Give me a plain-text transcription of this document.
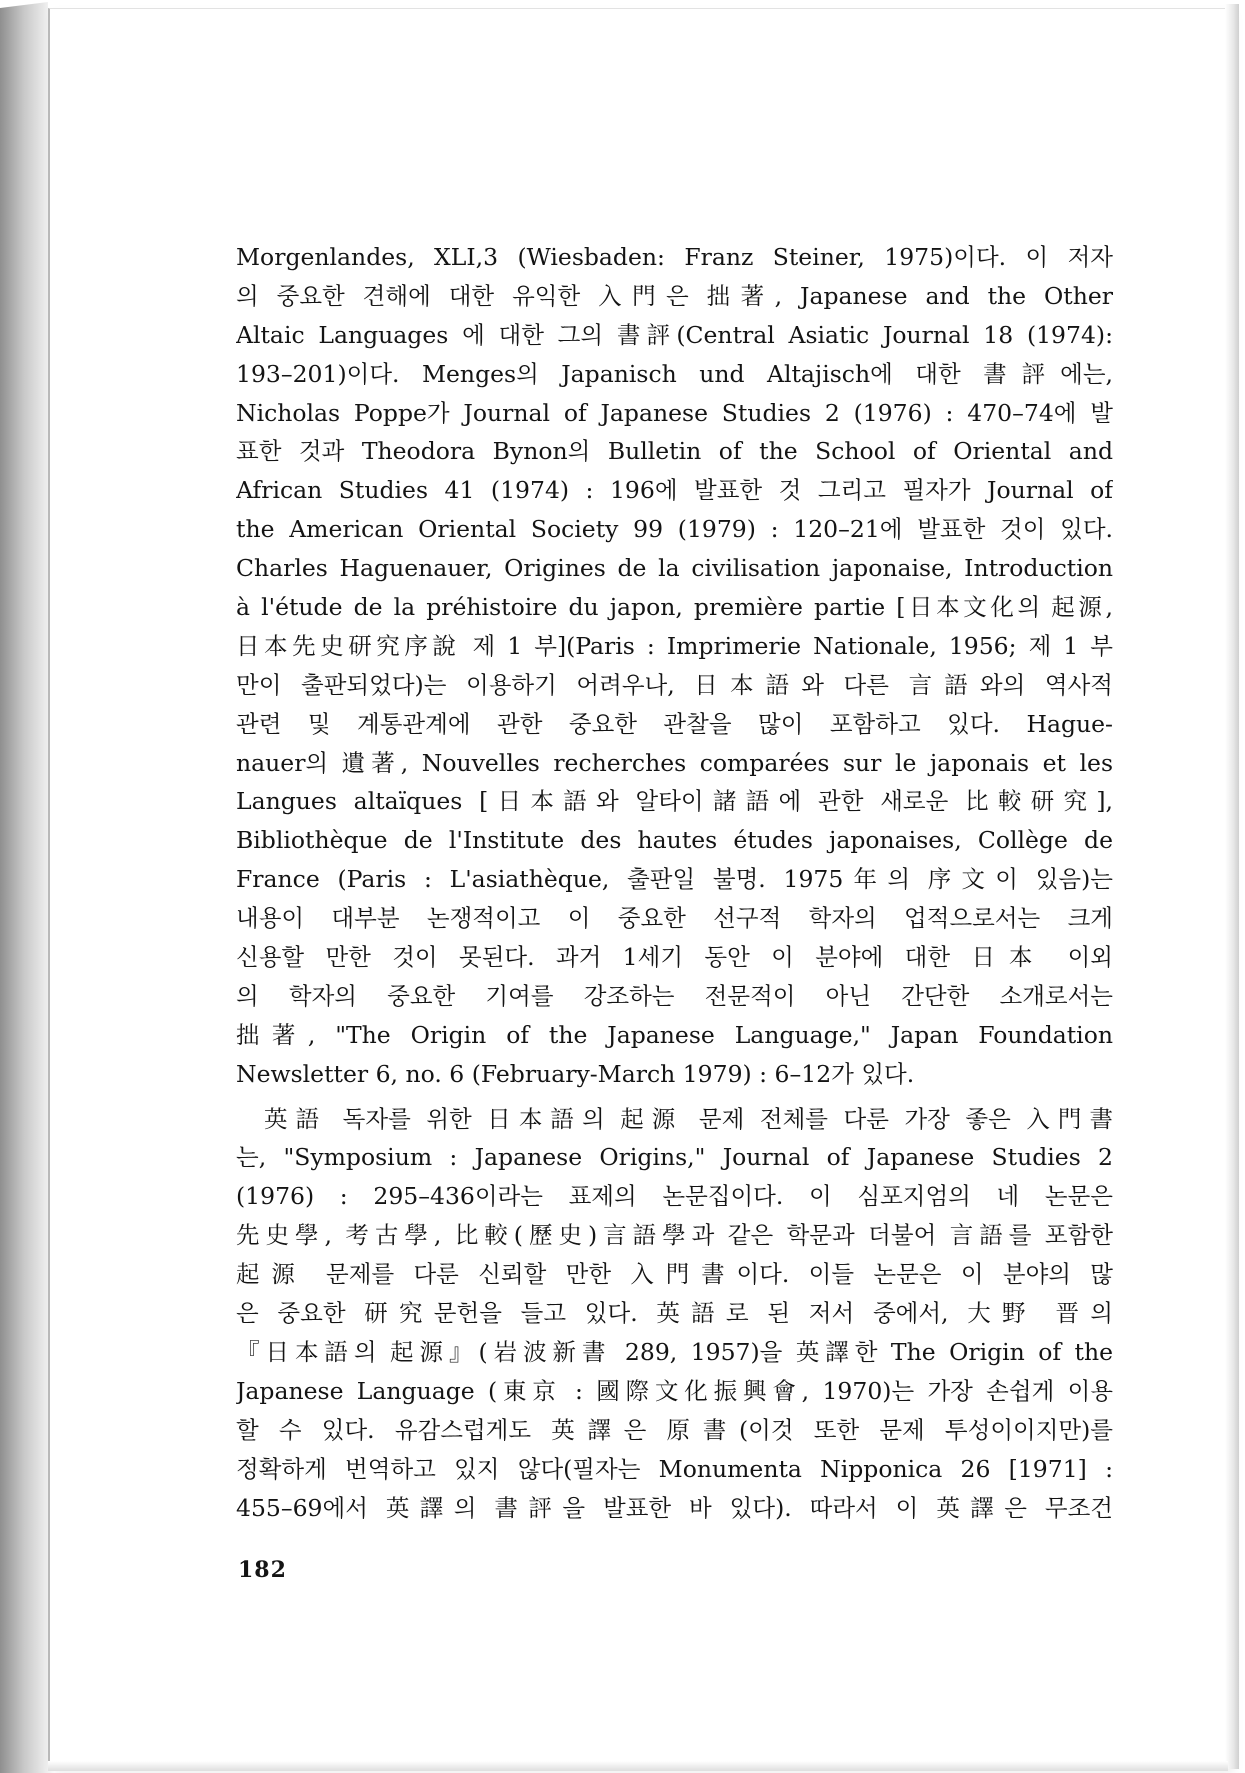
Morgenlandes, XLI,3 (Wiesbaden: Franz Steiner, 1975)이다. 이 저자
의 중요한 견해에 대한 유익한 入門은 拙著, Japanese and the Other
Altaic Languages 에 대한 그의 書評(Central Asiatic Journal 18 (1974):
193–201)이다. Menges의 Japanisch und Altajisch에 대한 書評에는,
Nicholas Poppe가 Journal of Japanese Studies 2 (1976) : 470–74에 발
표한 것과 Theodora Bynon의 Bulletin of the School of Oriental and
African Studies 41 (1974) : 196에 발표한 것 그리고 필자가 Journal of
the American Oriental Society 99 (1979) : 120–21에 발표한 것이 있다.
Charles Haguenauer, Origines de la civilisation japonaise, Introduction
à l'étude de la préhistoire du japon, première partie [日本文化의 起源,
日本先史研究序說 제 1 부](Paris : Imprimerie Nationale, 1956; 제 1 부
만이 출판되었다)는 이용하기 어려우나, 日本語와 다른 言語와의 역사적
관련 및 계통관계에 관한 중요한 관찰을 많이 포함하고 있다. Hague-
nauer의 遺著, Nouvelles recherches comparées sur le japonais et les
Langues altaïques [日本語와 알타이諸語에 관한 새로운 比較研究],
Bibliothèque de l'Institute des hautes études japonaises, Collège de
France (Paris : L'asiathèque, 출판일 불명. 1975年의 序文이 있음)는
내용이 대부분 논쟁적이고 이 중요한 선구적 학자의 업적으로서는 크게
신용할 만한 것이 못된다. 과거 1세기 동안 이 분야에 대한 日本 이외
의 학자의 중요한 기여를 강조하는 전문적이 아닌 간단한 소개로서는
拙著, "The Origin of the Japanese Language," Japan Foundation
Newsletter 6, no. 6 (February-March 1979) : 6–12가 있다.
英語 독자를 위한 日本語의 起源 문제 전체를 다룬 가장 좋은 入門書
는, "Symposium : Japanese Origins," Journal of Japanese Studies 2
(1976) : 295–436이라는 표제의 논문집이다. 이 심포지엄의 네 논문은
先史學, 考古學, 比較(歷史)言語學과 같은 학문과 더불어 言語를 포함한
起源 문제를 다룬 신뢰할 만한 入門書이다. 이들 논문은 이 분야의 많
은 중요한 研究문헌을 들고 있다. 英語로 된 저서 중에서, 大野 晋의
『日本語의 起源』(岩波新書 289, 1957)을 英譯한 The Origin of the
Japanese Language (東京 : 國際文化振興會, 1970)는 가장 손쉽게 이용
할 수 있다. 유감스럽게도 英譯은 原書(이것 또한 문제 투성이이지만)를
정확하게 번역하고 있지 않다(필자는 Monumenta Nipponica 26 [1971] :
455–69에서 英譯의 書評을 발표한 바 있다). 따라서 이 英譯은 무조건
182
